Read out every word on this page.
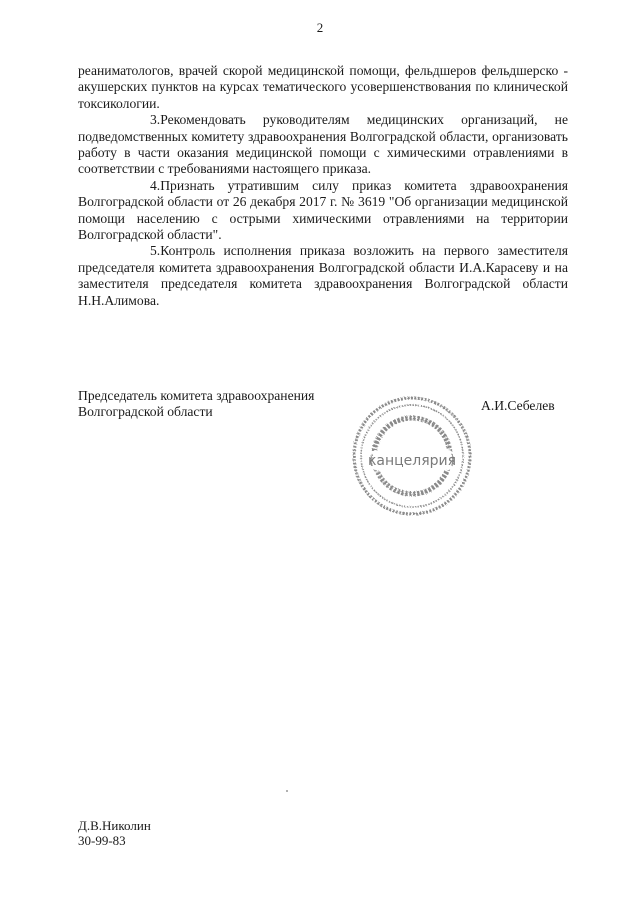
2

реаниматологов, врачей скорой медицинской помощи, фельдшеров фельдшерско - акушерских пунктов на курсах тематического усовершенствования по клинической токсикологии.

3.Рекомендовать руководителям медицинских организаций, не подведомственных комитету здравоохранения Волгоградской области, организовать работу в части оказания медицинской помощи с химическими отравлениями в соответствии с требованиями настоящего приказа.

4.Признать утратившим силу приказ комитета здравоохранения Волгоградской области от 26 декабря 2017 г. № 3619 "Об организации медицинской помощи населению с острыми химическими отравлениями на территории Волгоградской области".

5.Контроль исполнения приказа возложить на первого заместителя председателя комитета здравоохранения Волгоградской области И.А.Карасеву и на заместителя председателя комитета здравоохранения Волгоградской области Н.Н.Алимова.

Председатель комитета здравоохранения
Волгоградской области
канцелярия
А.И.Себелев
Д.В.Николин
30-99-83
